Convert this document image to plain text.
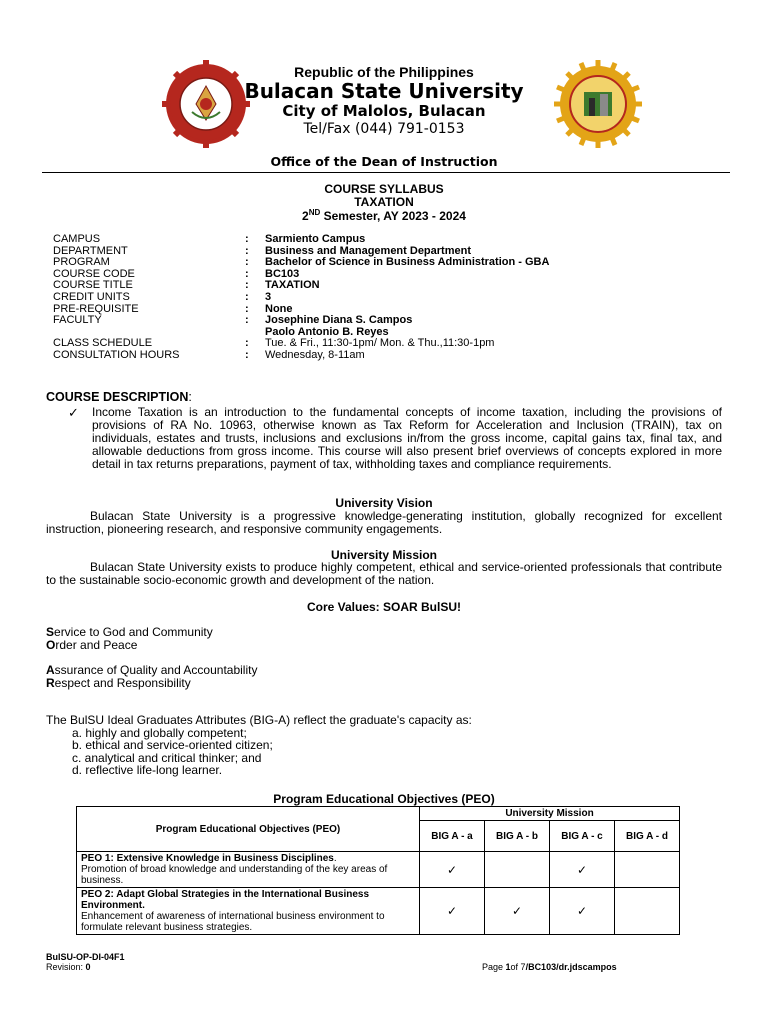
Republic of the Philippines
Bulacan State University
City of Malolos, Bulacan
Tel/Fax (044) 791-0153
Office of the Dean of Instruction
COURSE SYLLABUS
TAXATION
2ND Semester, AY 2023 - 2024
CAMPUS	:	Sarmiento Campus
DEPARTMENT	:	Business and Management Department
PROGRAM	:	Bachelor of Science in Business Administration - GBA
COURSE CODE	:	BC103
COURSE TITLE	:	TAXATION
CREDIT UNITS	:	3
PRE-REQUISITE	:	None
FACULTY	:	Josephine Diana S. Campos
Paolo Antonio B. Reyes
CLASS SCHEDULE	:	Tue. & Fri., 11:30-1pm/ Mon. & Thu.,11:30-1pm
CONSULTATION HOURS	:	Wednesday, 8-11am
COURSE DESCRIPTION:
✓ Income Taxation is an introduction to the fundamental concepts of income taxation, including the provisions of provisions of RA No. 10963, otherwise known as Tax Reform for Acceleration and Inclusion (TRAIN), tax on individuals, estates and trusts, inclusions and exclusions in/from the gross income, capital gains tax, final tax, and allowable deductions from gross income. This course will also present brief overviews of concepts explored in more detail in tax returns preparations, payment of tax, withholding taxes and compliance requirements.
University Vision
Bulacan State University is a progressive knowledge-generating institution, globally recognized for excellent instruction, pioneering research, and responsive community engagements.
University Mission
Bulacan State University exists to produce highly competent, ethical and service-oriented professionals that contribute to the sustainable socio-economic growth and development of the nation.
Core Values: SOAR BulSU!
Service to God and Community
Order and Peace
Assurance of Quality and Accountability
Respect and Responsibility
The BulSU Ideal Graduates Attributes (BIG-A) reflect the graduate's capacity as:
a. highly and globally competent;
b. ethical and service-oriented citizen;
c. analytical and critical thinker; and
d. reflective life-long learner.
Program Educational Objectives (PEO)
Program Educational Objectives (PEO)	University Mission			
	BIG A - a	BIG A - b	BIG A - c	BIG A - d
PEO 1: Extensive Knowledge in Business Disciplines.
Promotion of broad knowledge and understanding of the key areas of business.	✓		✓	
PEO 2: Adapt Global Strategies in the International Business Environment.
Enhancement of awareness of international business environment to formulate relevant business strategies.	✓	✓	✓	
BulSU-OP-DI-04F1
Revision: 0	Page 1of 7/BC103/dr.jdscampos
